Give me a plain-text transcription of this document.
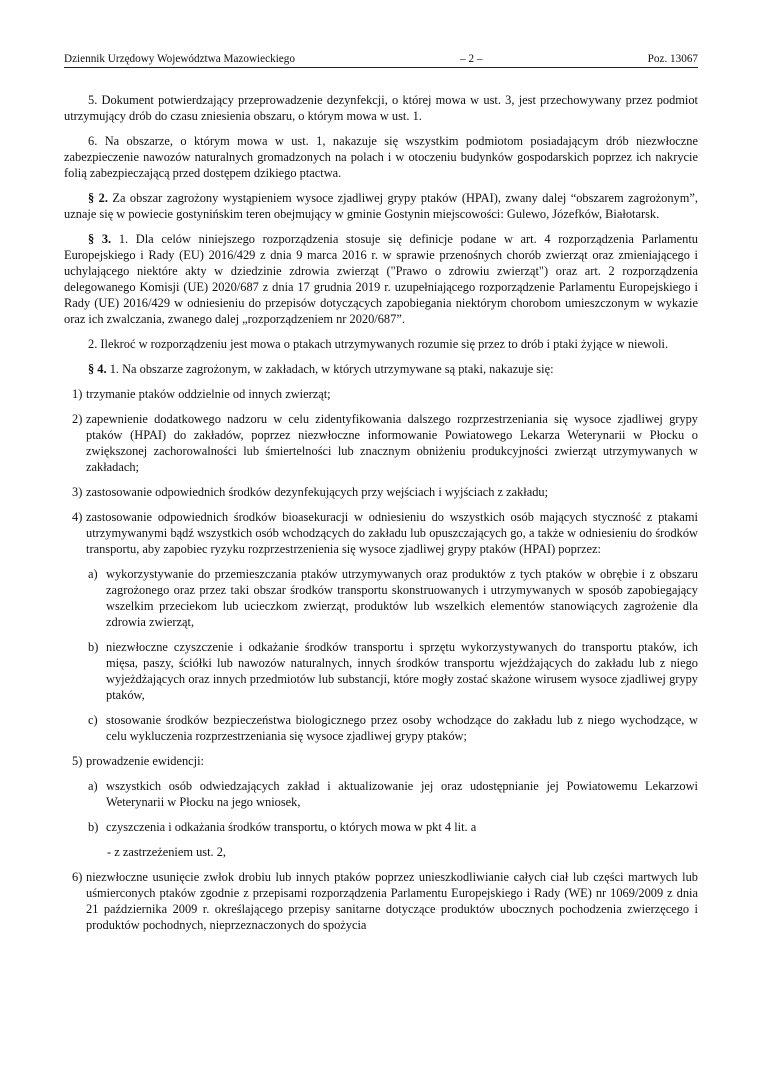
Dziennik Urzędowy Województwa Mazowieckiego	– 2 –	Poz. 13067

5. Dokument potwierdzający przeprowadzenie dezynfekcji, o której mowa w ust. 3, jest przechowywany przez podmiot utrzymujący drób do czasu zniesienia obszaru, o którym mowa w ust. 1.

6. Na obszarze, o którym mowa w ust. 1, nakazuje się wszystkim podmiotom posiadającym drób niezwłoczne zabezpieczenie nawozów naturalnych gromadzonych na polach i w otoczeniu budynków gospodarskich poprzez ich nakrycie folią zabezpieczającą przed dostępem dzikiego ptactwa.

§ 2. Za obszar zagrożony wystąpieniem wysoce zjadliwej grypy ptaków (HPAI), zwany dalej “obszarem zagrożonym”, uznaje się w powiecie gostynińskim teren obejmujący w gminie Gostynin miejscowości: Gulewo, Józefków, Białotarsk.

§ 3. 1. Dla celów niniejszego rozporządzenia stosuje się definicje podane w art. 4 rozporządzenia Parlamentu Europejskiego i Rady (EU) 2016/429 z dnia 9 marca 2016 r. w sprawie przenośnych chorób zwierząt oraz zmieniającego i uchylającego niektóre akty w dziedzinie zdrowia zwierząt ("Prawo o zdrowiu zwierząt") oraz art. 2 rozporządzenia delegowanego Komisji (UE) 2020/687 z dnia 17 grudnia 2019 r. uzupełniającego rozporządzenie Parlamentu Europejskiego i Rady (UE) 2016/429 w odniesieniu do przepisów dotyczących zapobiegania niektórym chorobom umieszczonym w wykazie oraz ich zwalczania, zwanego dalej „rozporządzeniem nr 2020/687”.

2. Ilekroć w rozporządzeniu jest mowa o ptakach utrzymywanych rozumie się przez to drób i ptaki żyjące w niewoli.

§ 4. 1. Na obszarze zagrożonym, w zakładach, w których utrzymywane są ptaki, nakazuje się:

1) trzymanie ptaków oddzielnie od innych zwierząt;
2) zapewnienie dodatkowego nadzoru w celu zidentyfikowania dalszego rozprzestrzeniania się wysoce zjadliwej grypy ptaków (HPAI) do zakładów, poprzez niezwłoczne informowanie Powiatowego Lekarza Weterynarii w Płocku o zwiększonej zachorowalności lub śmiertelności lub znacznym obniżeniu produkcyjności zwierząt utrzymywanych w zakładach;
3) zastosowanie odpowiednich środków dezynfekujących przy wejściach i wyjściach z zakładu;
4) zastosowanie odpowiednich środków bioasekuracji w odniesieniu do wszystkich osób mających styczność z ptakami utrzymywanymi bądź wszystkich osób wchodzących do zakładu lub opuszczających go, a także w odniesieniu do środków transportu, aby zapobiec ryzyku rozprzestrzenienia się wysoce zjadliwej grypy ptaków (HPAI) poprzez:
a) wykorzystywanie do przemieszczania ptaków utrzymywanych oraz produktów z tych ptaków w obrębie i z obszaru zagrożonego oraz przez taki obszar środków transportu skonstruowanych i utrzymywanych w sposób zapobiegający wszelkim przeciekom lub ucieczkom zwierząt, produktów lub wszelkich elementów stanowiących zagrożenie dla zdrowia zwierząt,
b) niezwłoczne czyszczenie i odkażanie środków transportu i sprzętu wykorzystywanych do transportu ptaków, ich mięsa, paszy, ściółki lub nawozów naturalnych, innych środków transportu wjeżdżających do zakładu lub z niego wyjeżdżających oraz innych przedmiotów lub substancji, które mogły zostać skażone wirusem wysoce zjadliwej grypy ptaków,
c) stosowanie środków bezpieczeństwa biologicznego przez osoby wchodzące do zakładu lub z niego wychodzące, w celu wykluczenia rozprzestrzeniania się wysoce zjadliwej grypy ptaków;
5) prowadzenie ewidencji:
a) wszystkich osób odwiedzających zakład i aktualizowanie jej oraz udostępnianie jej Powiatowemu Lekarzowi Weterynarii w Płocku na jego wniosek,
b) czyszczenia i odkażania środków transportu, o których mowa w pkt 4 lit. a
- z zastrzeżeniem ust. 2,
6) niezwłoczne usunięcie zwłok drobiu lub innych ptaków poprzez unieszkodliwianie całych ciał lub części martwych lub uśmierconych ptaków zgodnie z przepisami rozporządzenia Parlamentu Europejskiego i Rady (WE) nr 1069/2009 z dnia 21 października 2009 r. określającego przepisy sanitarne dotyczące produktów ubocznych pochodzenia zwierzęcego i produktów pochodnych, nieprzeznaczonych do spożycia
